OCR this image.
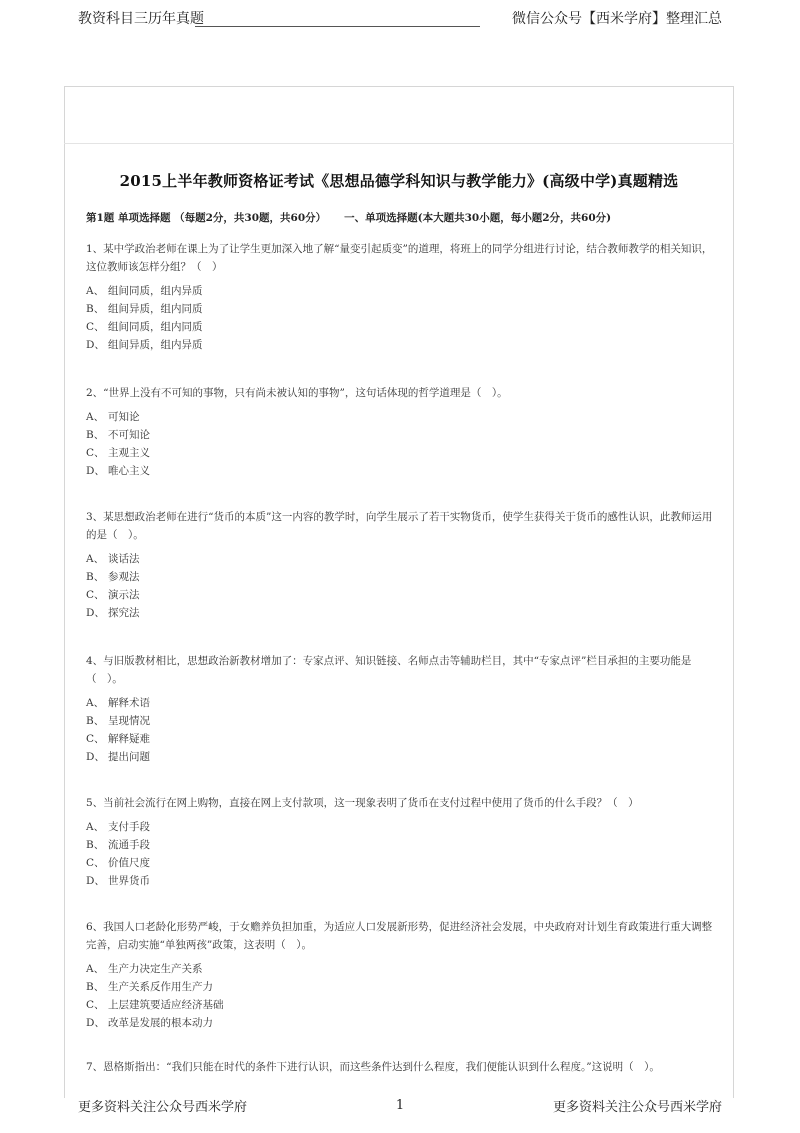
教资科目三历年真题	微信公众号【西米学府】整理汇总
2015上半年教师资格证考试《思想品德学科知识与教学能力》(高级中学)真题精选
第1题 单项选择题 （每题2分，共30题，共60分） 一、单项选择题(本大题共30小题，每小题2分，共60分)
1、某中学政治老师在课上为了让学生更加深入地了解“量变引起质变”的道理，将班上的同学分组进行讨论，结合教师教学的相关知识，这位教师该怎样分组？（　）
A、 组间同质，组内异质
B、 组间异质，组内同质
C、 组间同质，组内同质
D、 组间异质，组内异质
2、“世界上没有不可知的事物，只有尚未被认知的事物”，这句话体现的哲学道理是（　）。
A、 可知论
B、 不可知论
C、 主观主义
D、 唯心主义
3、某思想政治老师在进行“货币的本质”这一内容的教学时，向学生展示了若干实物货币，使学生获得关于货币的感性认识，此教师运用的是（　）。
A、 谈话法
B、 参观法
C、 演示法
D、 探究法
4、与旧版教材相比，思想政治新教材增加了：专家点评、知识链接、名师点击等辅助栏目，其中“专家点评”栏目承担的主要功能是（　）。
A、 解释术语
B、 呈现情况
C、 解释疑难
D、 提出问题
5、当前社会流行在网上购物，直接在网上支付款项，这一现象表明了货币在支付过程中使用了货币的什么手段？（　）
A、 支付手段
B、 流通手段
C、 价值尺度
D、 世界货币
6、我国人口老龄化形势严峻，于女赡养负担加重，为适应人口发展新形势，促进经济社会发展，中央政府对计划生育政策进行重大调整完善，启动实施“单独两孩”政策，这表明（　）。
A、 生产力决定生产关系
B、 生产关系反作用生产力
C、 上层建筑要适应经济基础
D、 改革是发展的根本动力
7、恩格斯指出：“我们只能在时代的条件下进行认识，而这些条件达到什么程度，我们便能认识到什么程度。”这说明（　）。
更多资料关注公众号西米学府	1	更多资料关注公众号西米学府
